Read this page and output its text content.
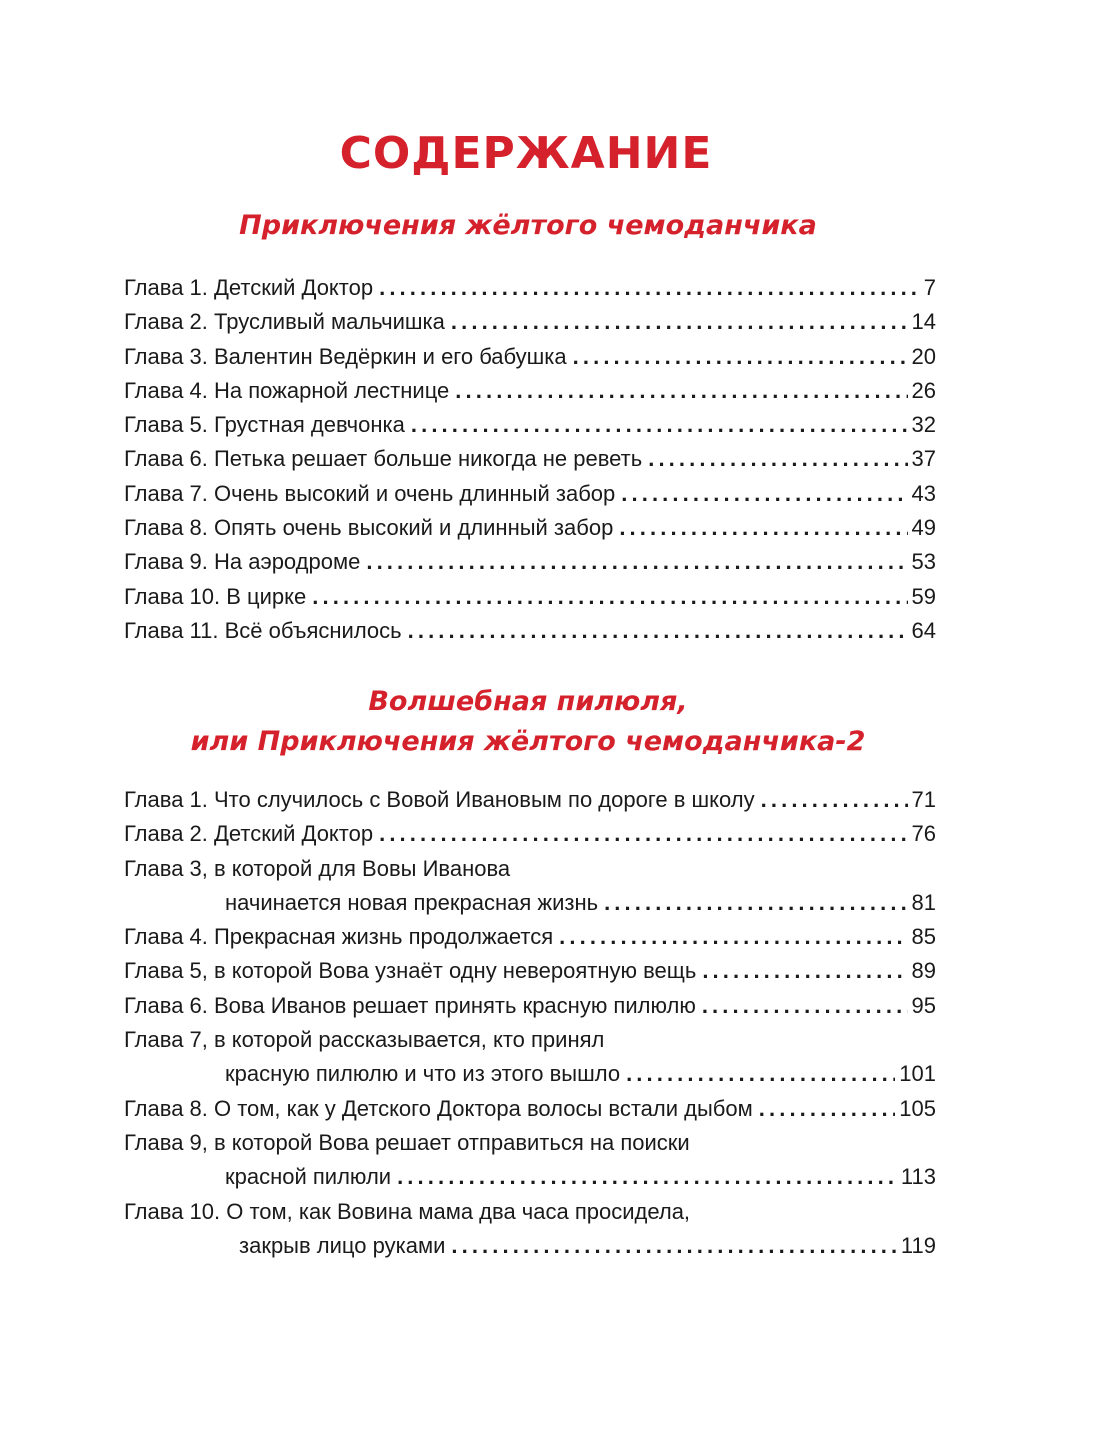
СОДЕРЖАНИЕ
Приключения жёлтого чемоданчика
Глава 1. Детский Доктор . . .	7
Глава 2. Трусливый мальчишка . . .	14
Глава 3. Валентин Ведёркин и его бабушка . . .	20
Глава 4. На пожарной лестнице . . .	26
Глава 5. Грустная девчонка . . .	32
Глава 6. Петька решает больше никогда не реветь . . .	37
Глава 7. Очень высокий и очень длинный забор . . .	43
Глава 8. Опять очень высокий и длинный забор . . .	49
Глава 9. На аэродроме . . .	53
Глава 10. В цирке . . .	59
Глава 11. Всё объяснилось . . .	64
Волшебная пилюля,
или Приключения жёлтого чемоданчика-2
Глава 1. Что случилось с Вовой Ивановым по дороге в школу . . .	71
Глава 2. Детский Доктор . . .	76
Глава 3, в которой для Вовы Иванова
начинается новая прекрасная жизнь . . .	81
Глава 4. Прекрасная жизнь продолжается . . .	85
Глава 5, в которой Вова узнаёт одну невероятную вещь . . .	89
Глава 6. Вова Иванов решает принять красную пилюлю . . .	95
Глава 7, в которой рассказывается, кто принял
красную пилюлю и что из этого вышло . . .	101
Глава 8. О том, как у Детского Доктора волосы встали дыбом . . .	105
Глава 9, в которой Вова решает отправиться на поиски
красной пилюли . . .	113
Глава 10. О том, как Вовина мама два часа просидела,
закрыв лицо руками . . .	119
